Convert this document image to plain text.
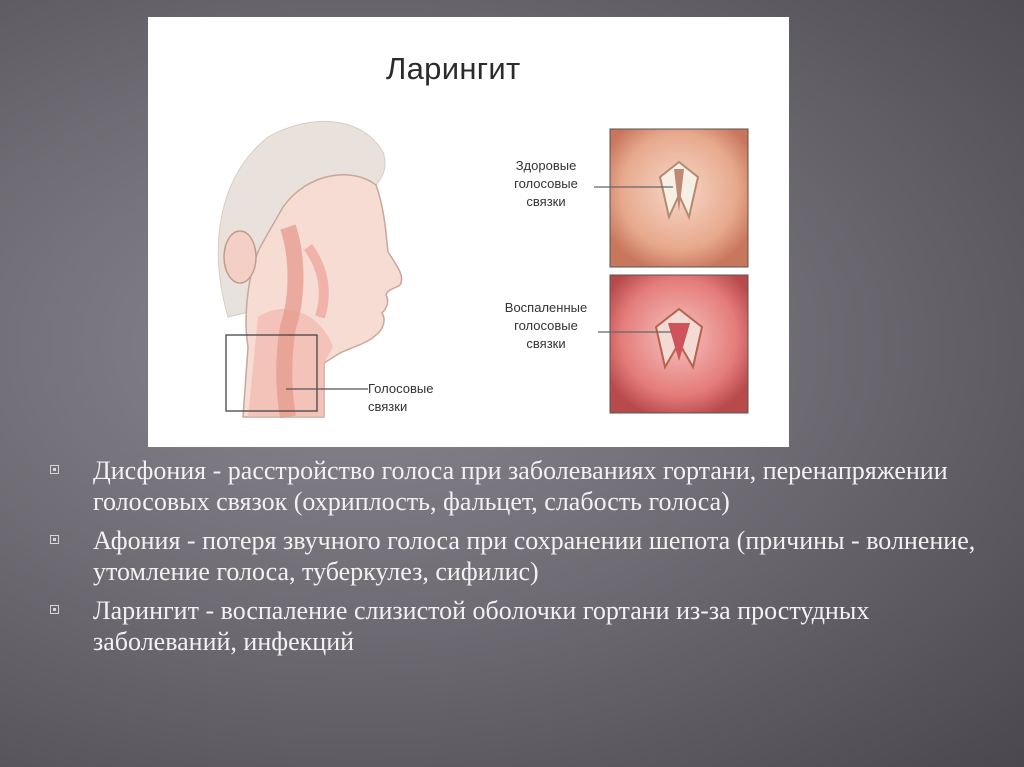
Ларингит
Здоровые
голосовые
связки
Воспаленные
голосовые
связки
Голосовые
связки
Дисфония - расстройство голоса при заболеваниях гортани, перенапряжении голосовых связок (охриплость, фальцет, слабость голоса)
Афония - потеря звучного голоса при сохранении шепота (причины - волнение, утомление голоса, туберкулез, сифилис)
Ларингит - воспаление слизистой оболочки гортани из-за простудных заболеваний, инфекций
